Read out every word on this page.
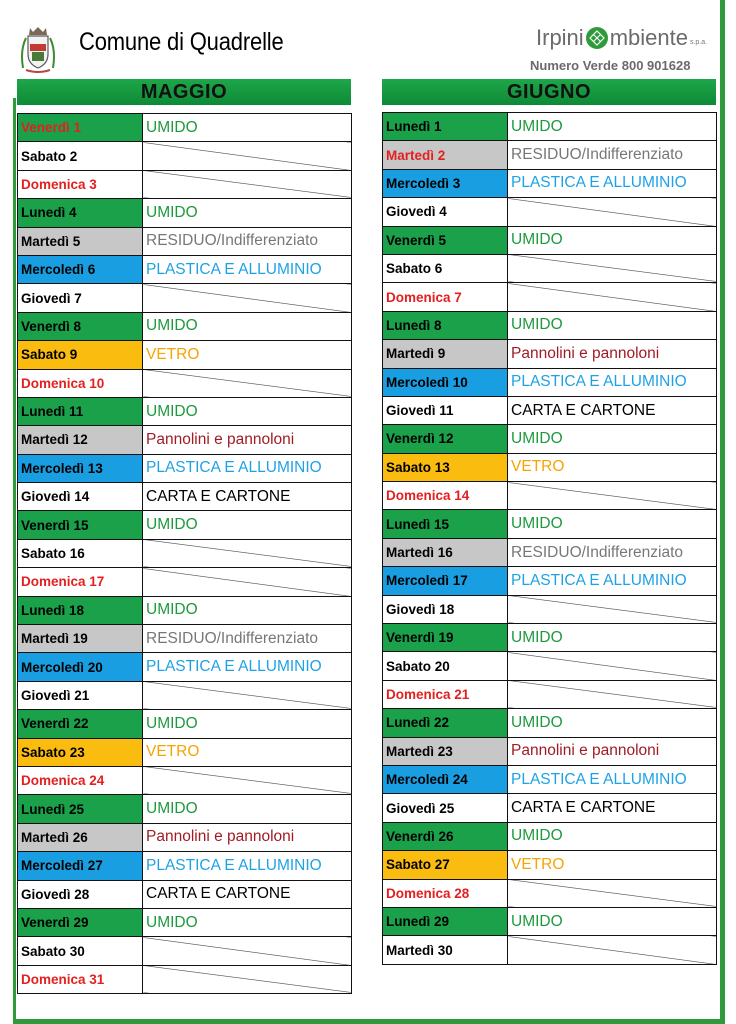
Comune di Quadrelle	Irpini mbiente s.p.a.
Numero Verde 800 901628
MAGGIO	GIUGNO
Venerdì 1	UMIDO
Sabato 2	
Domenica 3	
Lunedì 4	UMIDO
Martedì 5	RESIDUO/Indifferenziato
Mercoledì 6	PLASTICA E ALLUMINIO
Giovedì 7	
Venerdì 8	UMIDO
Sabato 9	VETRO
Domenica 10	
Lunedì 11	UMIDO
Martedì 12	Pannolini e pannoloni
Mercoledì 13	PLASTICA E ALLUMINIO
Giovedì 14	CARTA E CARTONE
Venerdì 15	UMIDO
Sabato 16	
Domenica 17	
Lunedì 18	UMIDO
Martedì 19	RESIDUO/Indifferenziato
Mercoledì 20	PLASTICA E ALLUMINIO
Giovedì 21	
Venerdì 22	UMIDO
Sabato 23	VETRO
Domenica 24	
Lunedì 25	UMIDO
Martedì 26	Pannolini e pannoloni
Mercoledì 27	PLASTICA E ALLUMINIO
Giovedì 28	CARTA E CARTONE
Venerdì 29	UMIDO
Sabato 30	
Domenica 31	
Lunedì 1	UMIDO
Martedì 2	RESIDUO/Indifferenziato
Mercoledì 3	PLASTICA E ALLUMINIO
Giovedì 4	
Venerdì 5	UMIDO
Sabato 6	
Domenica 7	
Lunedì 8	UMIDO
Martedì 9	Pannolini e pannoloni
Mercoledì 10	PLASTICA E ALLUMINIO
Giovedì 11	CARTA E CARTONE
Venerdì 12	UMIDO
Sabato 13	VETRO
Domenica 14	
Lunedì 15	UMIDO
Martedì 16	RESIDUO/Indifferenziato
Mercoledì 17	PLASTICA E ALLUMINIO
Giovedì 18	
Venerdì 19	UMIDO
Sabato 20	
Domenica 21	
Lunedì 22	UMIDO
Martedì 23	Pannolini e pannoloni
Mercoledì 24	PLASTICA E ALLUMINIO
Giovedì 25	CARTA E CARTONE
Venerdì 26	UMIDO
Sabato 27	VETRO
Domenica 28	
Lunedì 29	UMIDO
Martedì 30	
